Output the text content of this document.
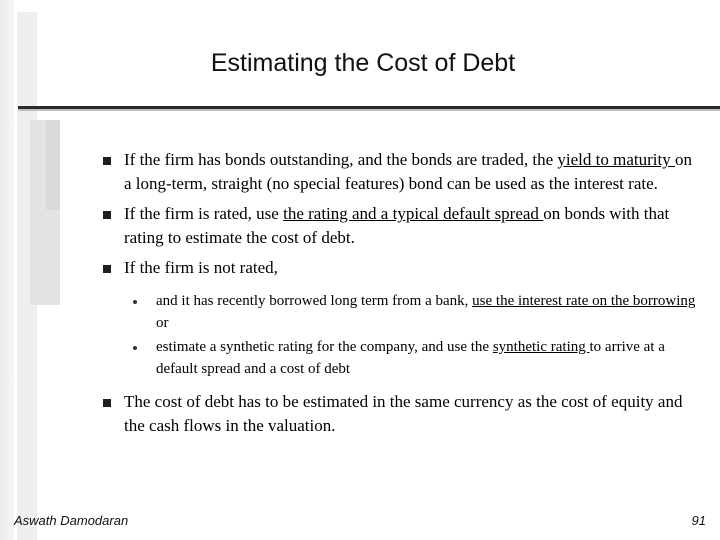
Estimating the Cost of Debt
If the firm has bonds outstanding, and the bonds are traded, the yield to maturity on a long-term, straight (no special features) bond can be used as the interest rate.
If the firm is rated, use the rating and a typical default spread on bonds with that rating to estimate the cost of debt.
If the firm is not rated,
and it has recently borrowed long term from a bank, use the interest rate on the borrowing or
estimate a synthetic rating for the company, and use the synthetic rating to arrive at a default spread and a cost of debt
The cost of debt has to be estimated in the same currency as the cost of equity and the cash flows in the valuation.
Aswath Damodaran	91
